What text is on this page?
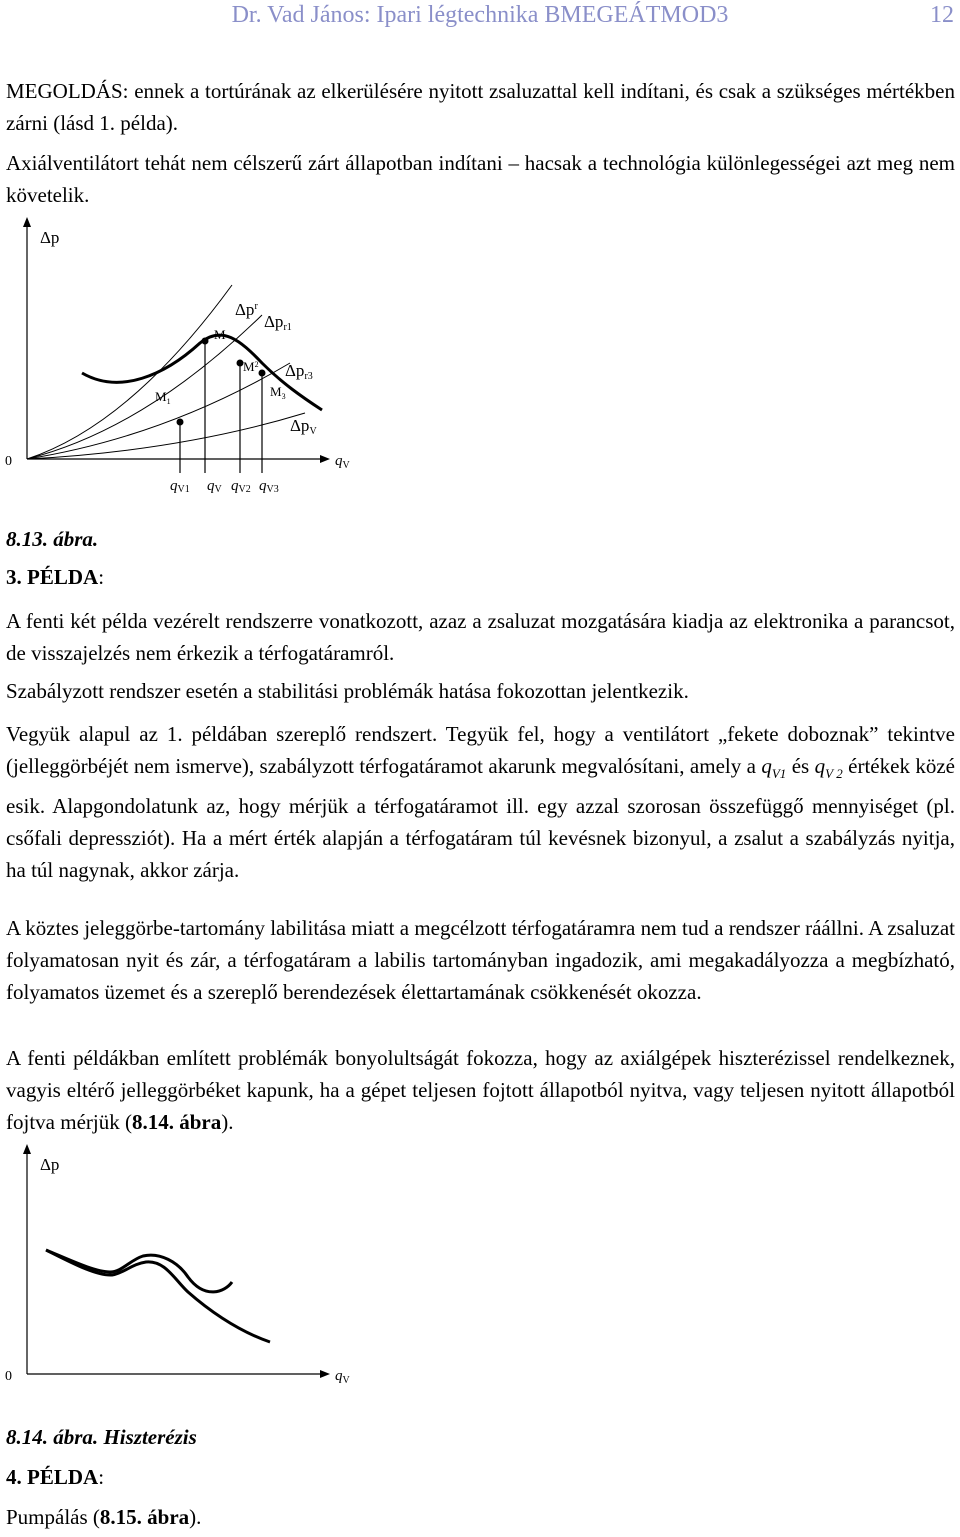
Dr. Vad János: Ipari légtechnika BMEGEÁTMOD3	12

MEGOLDÁS: ennek a tortúrának az elkerülésére nyitott zsaluzattal kell indítani, és csak a szükséges mértékben zárni (lásd 1. példa).

Axiálventilátort tehát nem célszerű zárt állapotban indítani – hacsak a technológia különlegességei azt meg nem követelik.

Δp
0	$q_V$
$\Delta p^r$
Δpr1
Δpr3
ΔpV
M
$M_1$
$M^2$
$M_3$
qV1 qV qV2 qV3

8.13. ábra.

3. PÉLDA:

A fenti két példa vezérelt rendszerre vonatkozott, azaz a zsaluzat mozgatására kiadja az elektronika a parancsot, de visszajelzés nem érkezik a térfogatáramról.

Szabályzott rendszer esetén a stabilitási problémák hatása fokozottan jelentkezik.

Vegyük alapul az 1. példában szereplő rendszert. Tegyük fel, hogy a ventilátort „fekete doboznak” tekintve (jelleggörbéjét nem ismerve), szabályzott térfogatáramot akarunk megvalósítani, amely a $q_{V1}$ és $q_{V 2}$ értékek közé esik. Alapgondolatunk az, hogy mérjük a térfogatáramot ill. egy azzal szorosan összefüggő mennyiséget (pl. csőfali depressziót). Ha a mért érték alapján a térfogatáram túl kevésnek bizonyul, a zsalut a szabályzás nyitja, ha túl nagynak, akkor zárja.

A köztes jeleggörbe-tartomány labilitása miatt a megcélzott térfogatáramra nem tud a rendszer ráállni. A zsaluzat folyamatosan nyit és zár, a térfogatáram a labilis tartományban ingadozik, ami megakadályozza a megbízható, folyamatos üzemet és a szereplő berendezések élettartamának csökkenését okozza.

A fenti példákban említett problémák bonyolultságát fokozza, hogy az axiálgépek hiszterézissel rendelkeznek, vagyis eltérő jelleggörbéket kapunk, ha a gépet teljesen fojtott állapotból nyitva, vagy teljesen nyitott állapotból fojtva mérjük (8.14. ábra).

Δp
0	$q_V$

8.14. ábra. Hiszterézis

4. PÉLDA:

Pumpálás (8.15. ábra).
